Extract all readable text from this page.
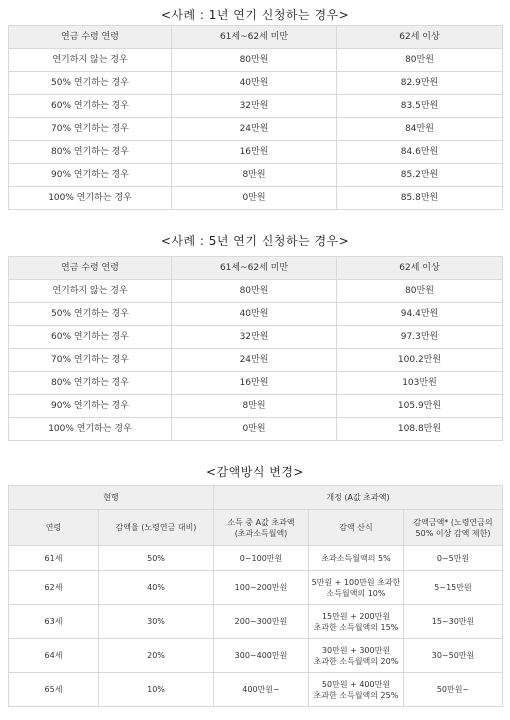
<사례 : 1년 연기 신청하는 경우>
연금 수령 연령	61세~62세 미만	62세 이상
연기하지 않는 경우	80만원	80만원
50% 연기하는 경우	40만원	82.9만원
60% 연기하는 경우	32만원	83.5만원
70% 연기하는 경우	24만원	84만원
80% 연기하는 경우	16만원	84.6만원
90% 연기하는 경우	8만원	85.2만원
100% 연기하는 경우	0만원	85.8만원
<사례 : 5년 연기 신청하는 경우>
연금 수령 연령	61세~62세 미만	62세 이상
연기하지 않는 경우	80만원	80만원
50% 연기하는 경우	40만원	94.4만원
60% 연기하는 경우	32만원	97.3만원
70% 연기하는 경우	24만원	100.2만원
80% 연기하는 경우	16만원	103만원
90% 연기하는 경우	8만원	105.9만원
100% 연기하는 경우	0만원	108.8만원
<감액방식 변경>
현행		개정 (A값 초과액)		
연령	감액율 (노령연금 대비)	소득 중 A값 초과액 (초과소득월액)	감액 산식	감액금액* (노령연금의 50% 이상 감액 제한)
61세	50%	0~100만원	초과소득월액의 5%	0~5만원
62세	40%	100~200만원	5만원 + 100만원 초과한 소득월액의 10%	5~15만원
63세	30%	200~300만원	15만원 + 200만원 초과한 소득월액의 15%	15~30만원
64세	20%	300~400만원	30만원 + 300만원 초과한 소득월액의 20%	30~50만원
65세	10%	400만원~	50만원 + 400만원 초과한 소득월액의 25%	50만원~
